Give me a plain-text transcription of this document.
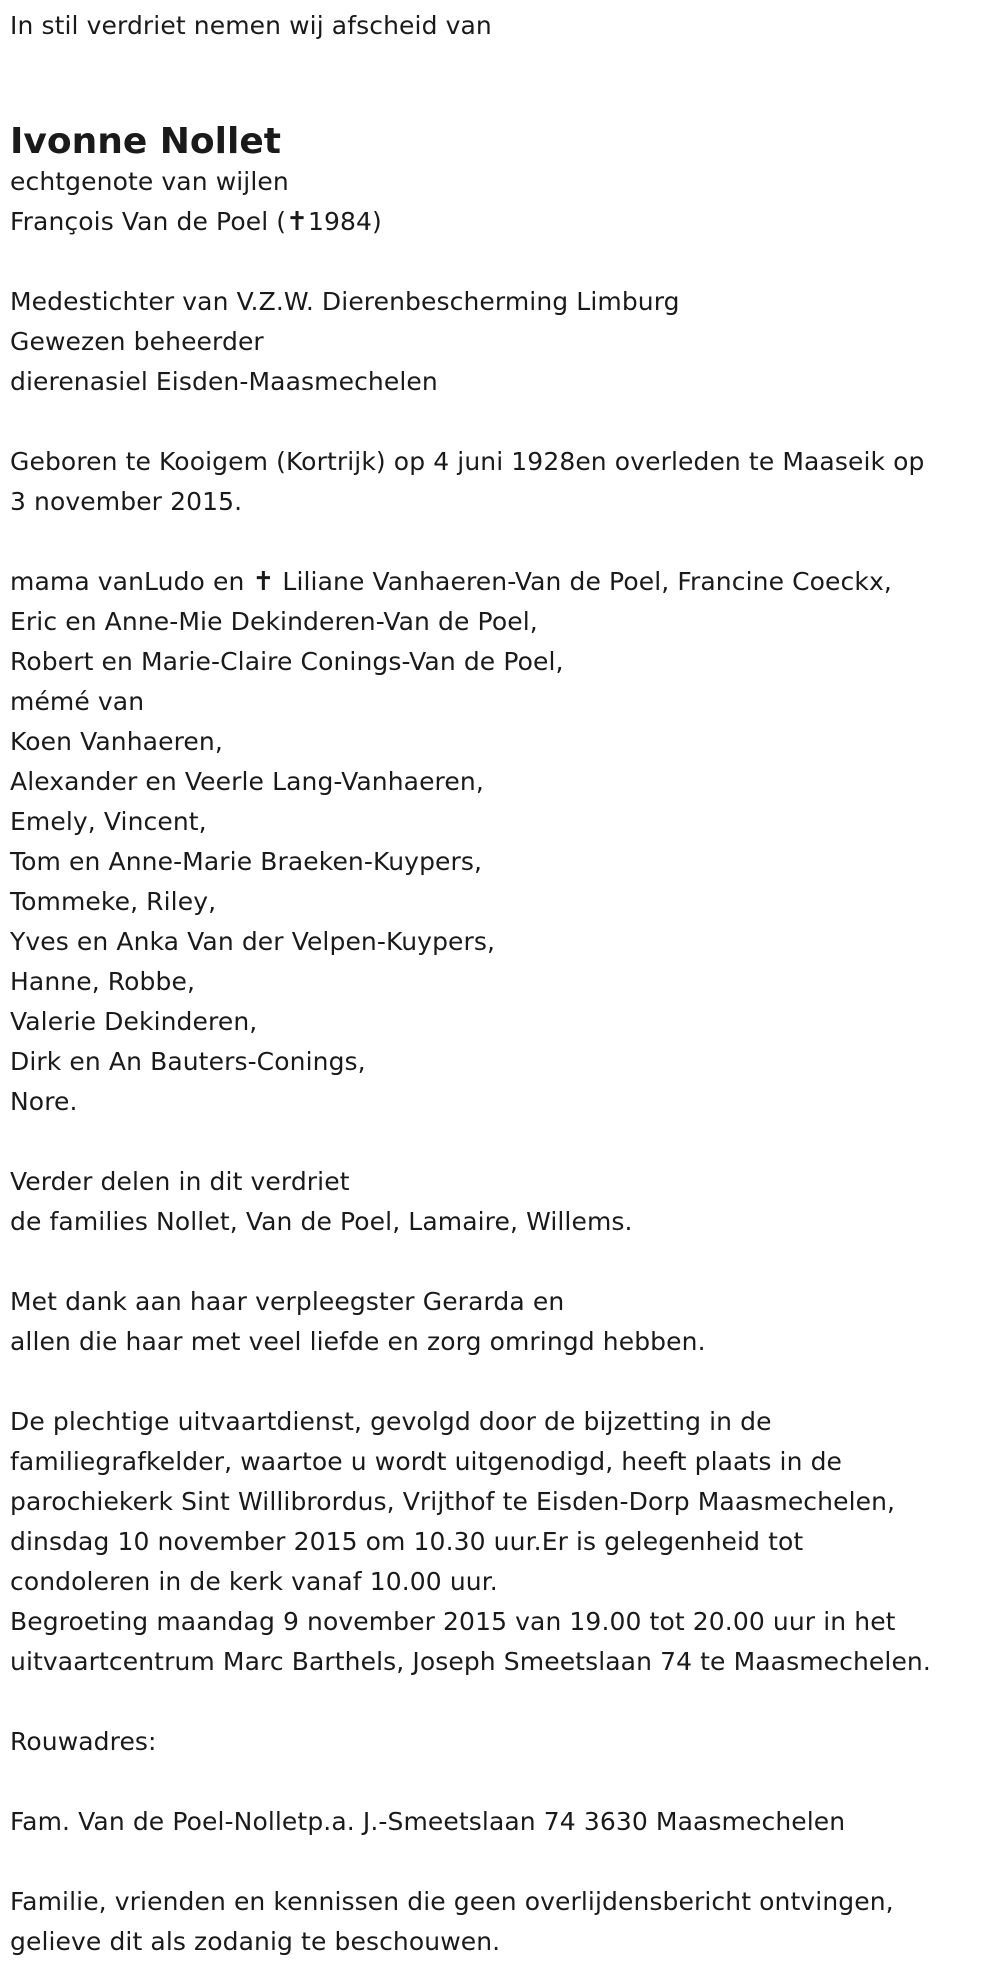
In stil verdriet nemen wij afscheid van
Ivonne Nollet
echtgenote van wijlen
François Van de Poel (✝1984)
Medestichter van V.Z.W. Dierenbescherming Limburg
Gewezen beheerder
dierenasiel Eisden-Maasmechelen
Geboren te Kooigem (Kortrijk) op 4 juni 1928en overleden te Maaseik op
3 november 2015.
mama vanLudo en ✝ Liliane Vanhaeren-Van de Poel, Francine Coeckx,
Eric en Anne-Mie Dekinderen-Van de Poel,
Robert en Marie-Claire Conings-Van de Poel,
mémé van
Koen Vanhaeren,
Alexander en Veerle Lang-Vanhaeren,
Emely, Vincent,
Tom en Anne-Marie Braeken-Kuypers,
Tommeke, Riley,
Yves en Anka Van der Velpen-Kuypers,
Hanne, Robbe,
Valerie Dekinderen,
Dirk en An Bauters-Conings,
Nore.
Verder delen in dit verdriet
de families Nollet, Van de Poel, Lamaire, Willems.
Met dank aan haar verpleegster Gerarda en
allen die haar met veel liefde en zorg omringd hebben.
De plechtige uitvaartdienst, gevolgd door de bijzetting in de
familiegrafkelder, waartoe u wordt uitgenodigd, heeft plaats in de
parochiekerk Sint Willibrordus, Vrijthof te Eisden-Dorp Maasmechelen,
dinsdag 10 november 2015 om 10.30 uur.Er is gelegenheid tot
condoleren in de kerk vanaf 10.00 uur.
Begroeting maandag 9 november 2015 van 19.00 tot 20.00 uur in het
uitvaartcentrum Marc Barthels, Joseph Smeetslaan 74 te Maasmechelen.
Rouwadres:
Fam. Van de Poel-Nolletp.a. J.-Smeetslaan 74 3630 Maasmechelen
Familie, vrienden en kennissen die geen overlijdensbericht ontvingen,
gelieve dit als zodanig te beschouwen.
